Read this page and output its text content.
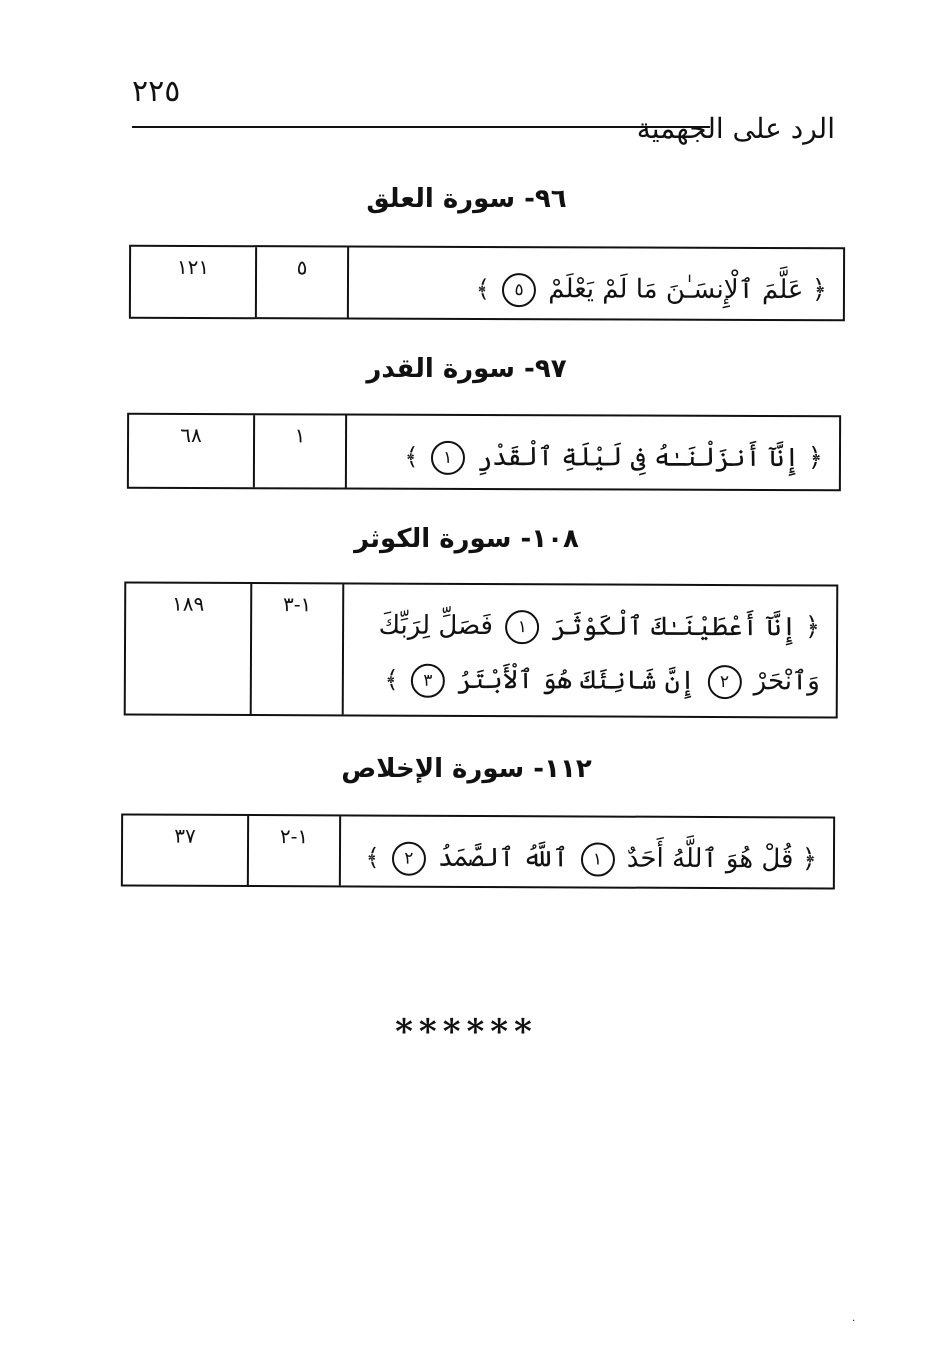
٢٢٥
الرد على الجهمية
٩٦- سورة العلق
﴿ عَلَّمَ ٱلْإِنسَـٰنَ مَا لَمْ يَعْلَمْ ٥ ﴾
٥
١٢١
٩٧- سورة القدر
﴿ إِنَّآ أَنزَلْنَـٰهُ فِى لَيْلَةِ ٱلْقَدْرِ ١ ﴾
١
٦٨
١٠٨- سورة الكوثر
﴿ إِنَّآ أَعْطَيْنَـٰكَ ٱلْكَوْثَرَ ١ فَصَلِّ لِرَبِّكَ وَٱنْحَرْ ٢ إِنَّ شَانِئَكَ هُوَ ٱلْأَبْتَرُ ٣ ﴾
١-٣
١٨٩
١١٢- سورة الإخلاص
﴿ قُلْ هُوَ ٱللَّهُ أَحَدٌ ١ ٱللَّهُ ٱلصَّمَدُ ٢ ﴾
١-٢
٣٧
******
·
